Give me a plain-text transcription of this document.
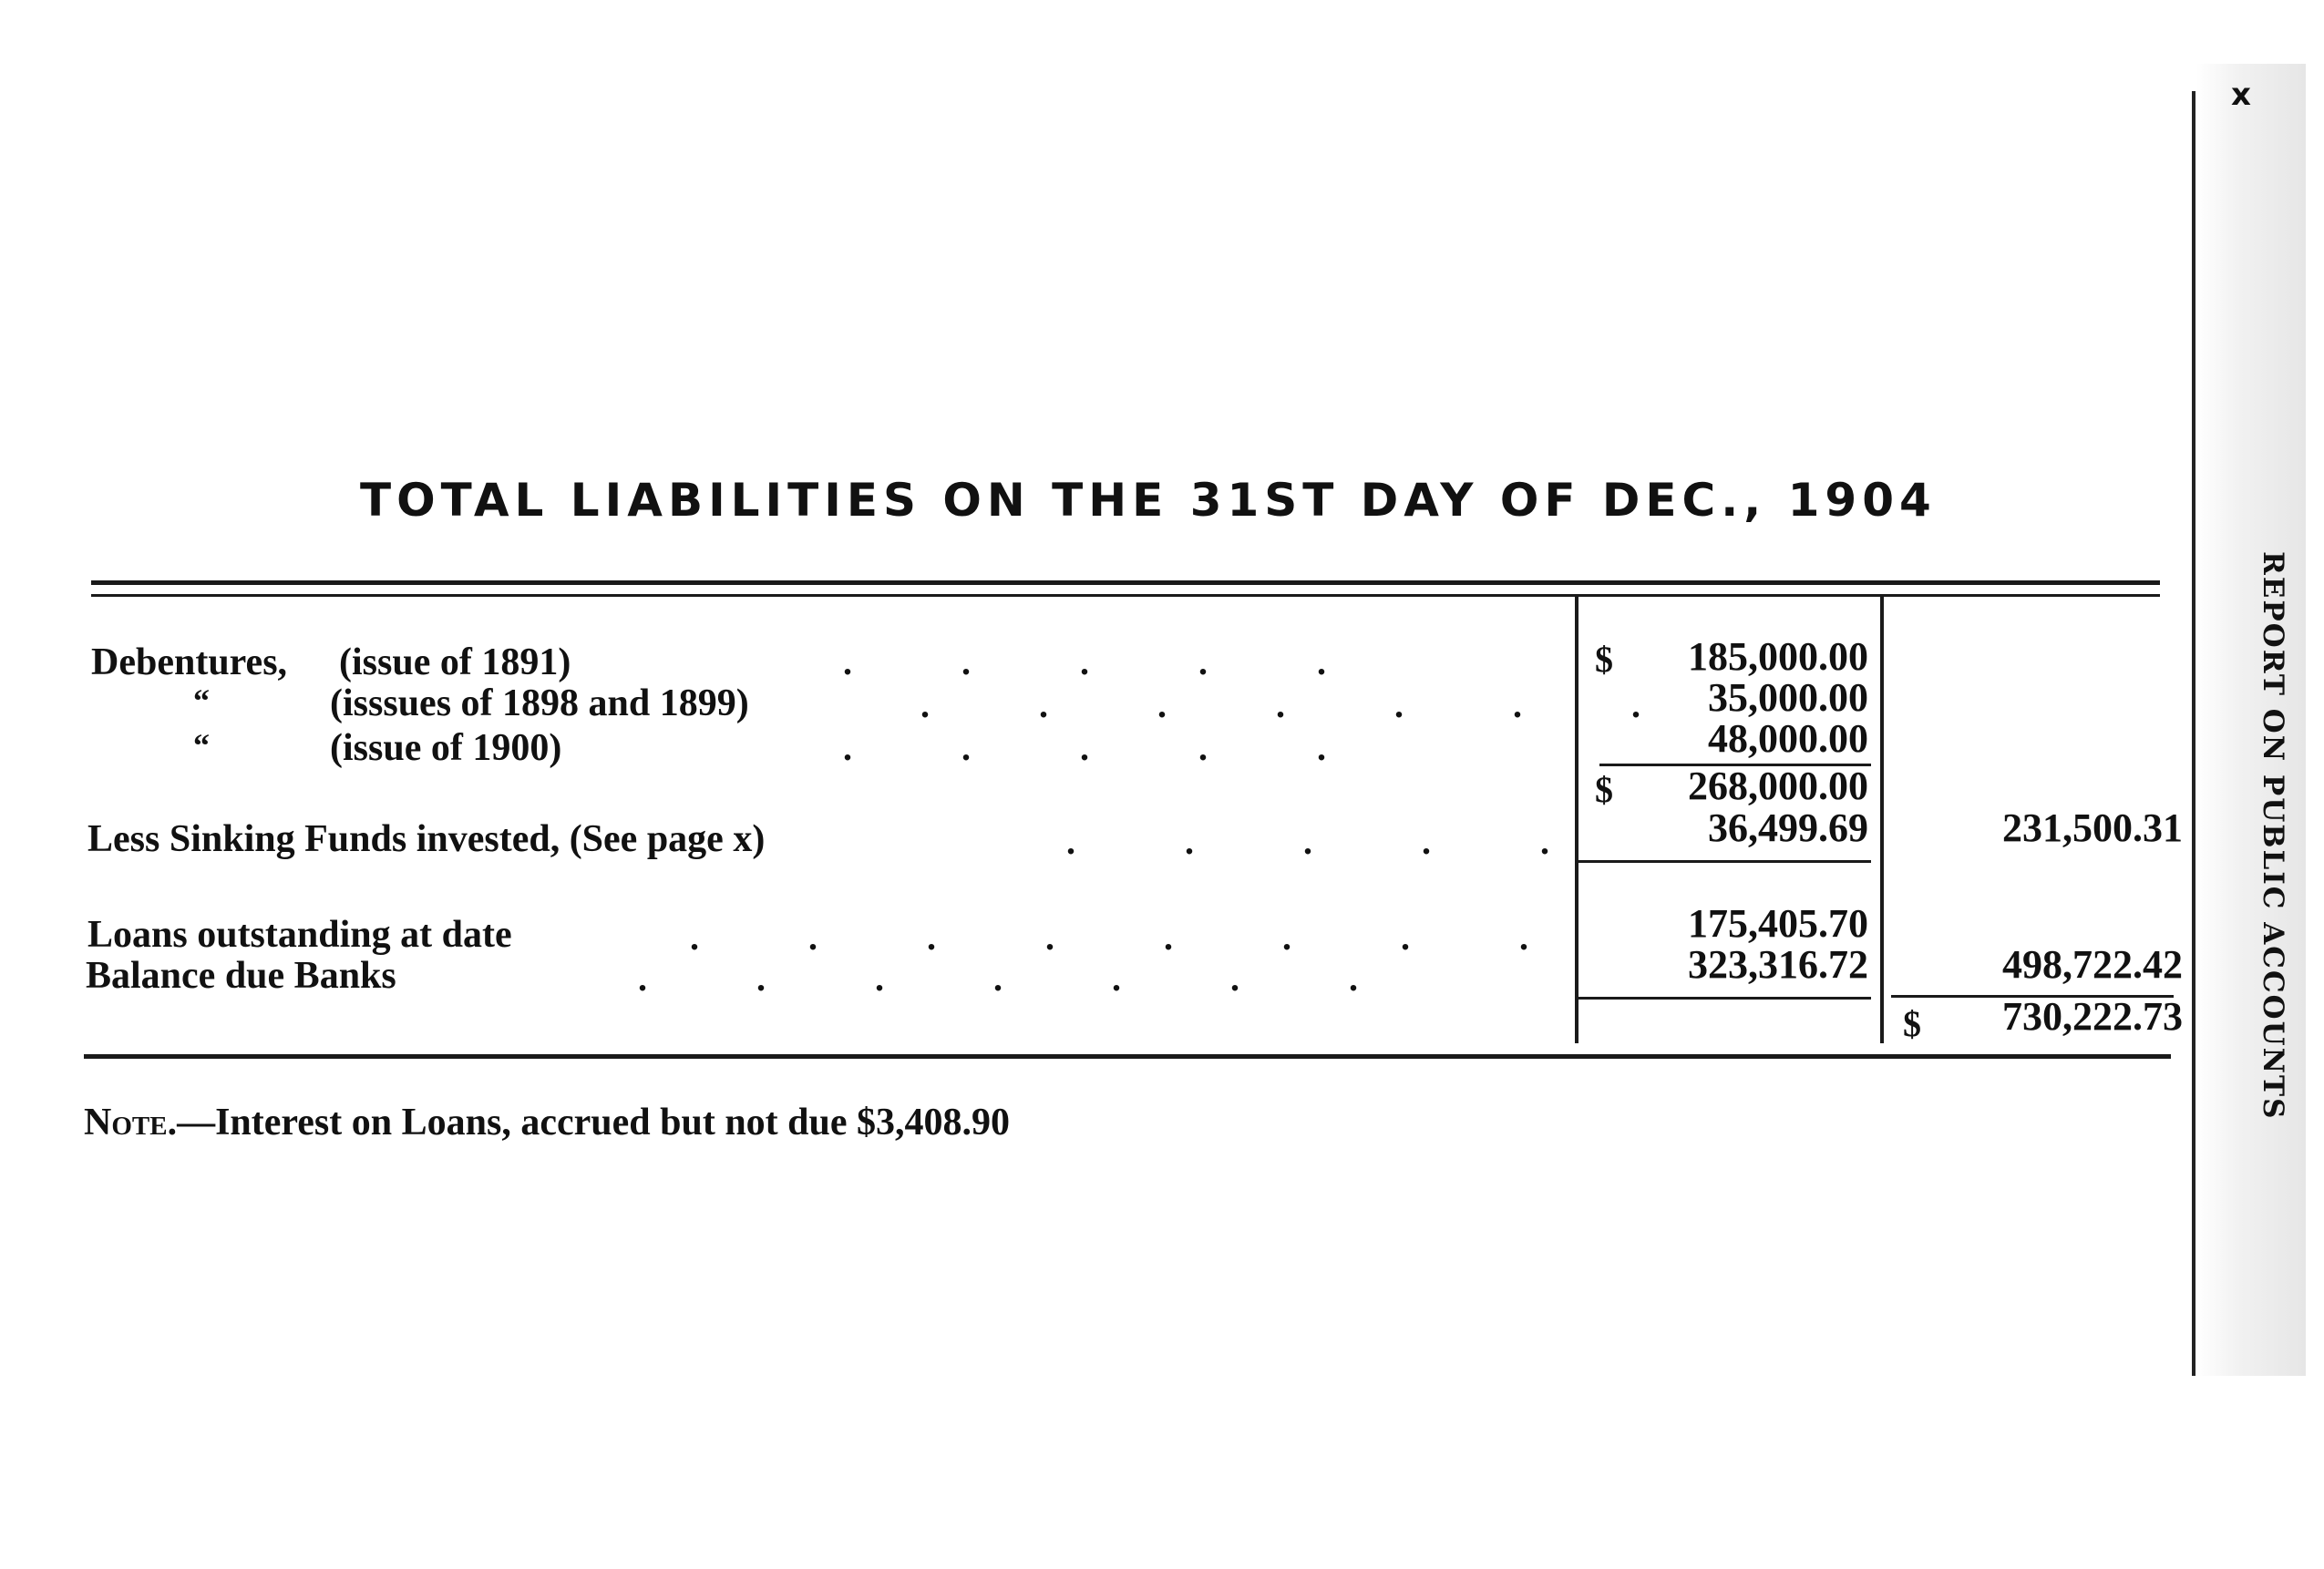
x
REPORT ON PUBLIC ACCOUNTS
TOTAL LIABILITIES ON THE 31ST DAY OF DEC., 1904
Debentures, (issue of 1891)	.   .   .   .   .	$	185,000.00
“	(isssues of 1898 and 1899)	.   .   .   .   .   .   .	35,000.00
“	(issue of 1900)	.   .   .   .   .	48,000.00
$	268,000.00
Less Sinking Funds invested, (See page x)	.   .   .   .   .	36,499.69	231,500.31
Loans outstanding at date	.   .   .   .   .   .   .   .	175,405.70
Balance due Banks	.   .   .   .   .   .   .	323,316.72	498,722.42
$	730,222.73
Note.—Interest on Loans, accrued but not due $3,408.90
